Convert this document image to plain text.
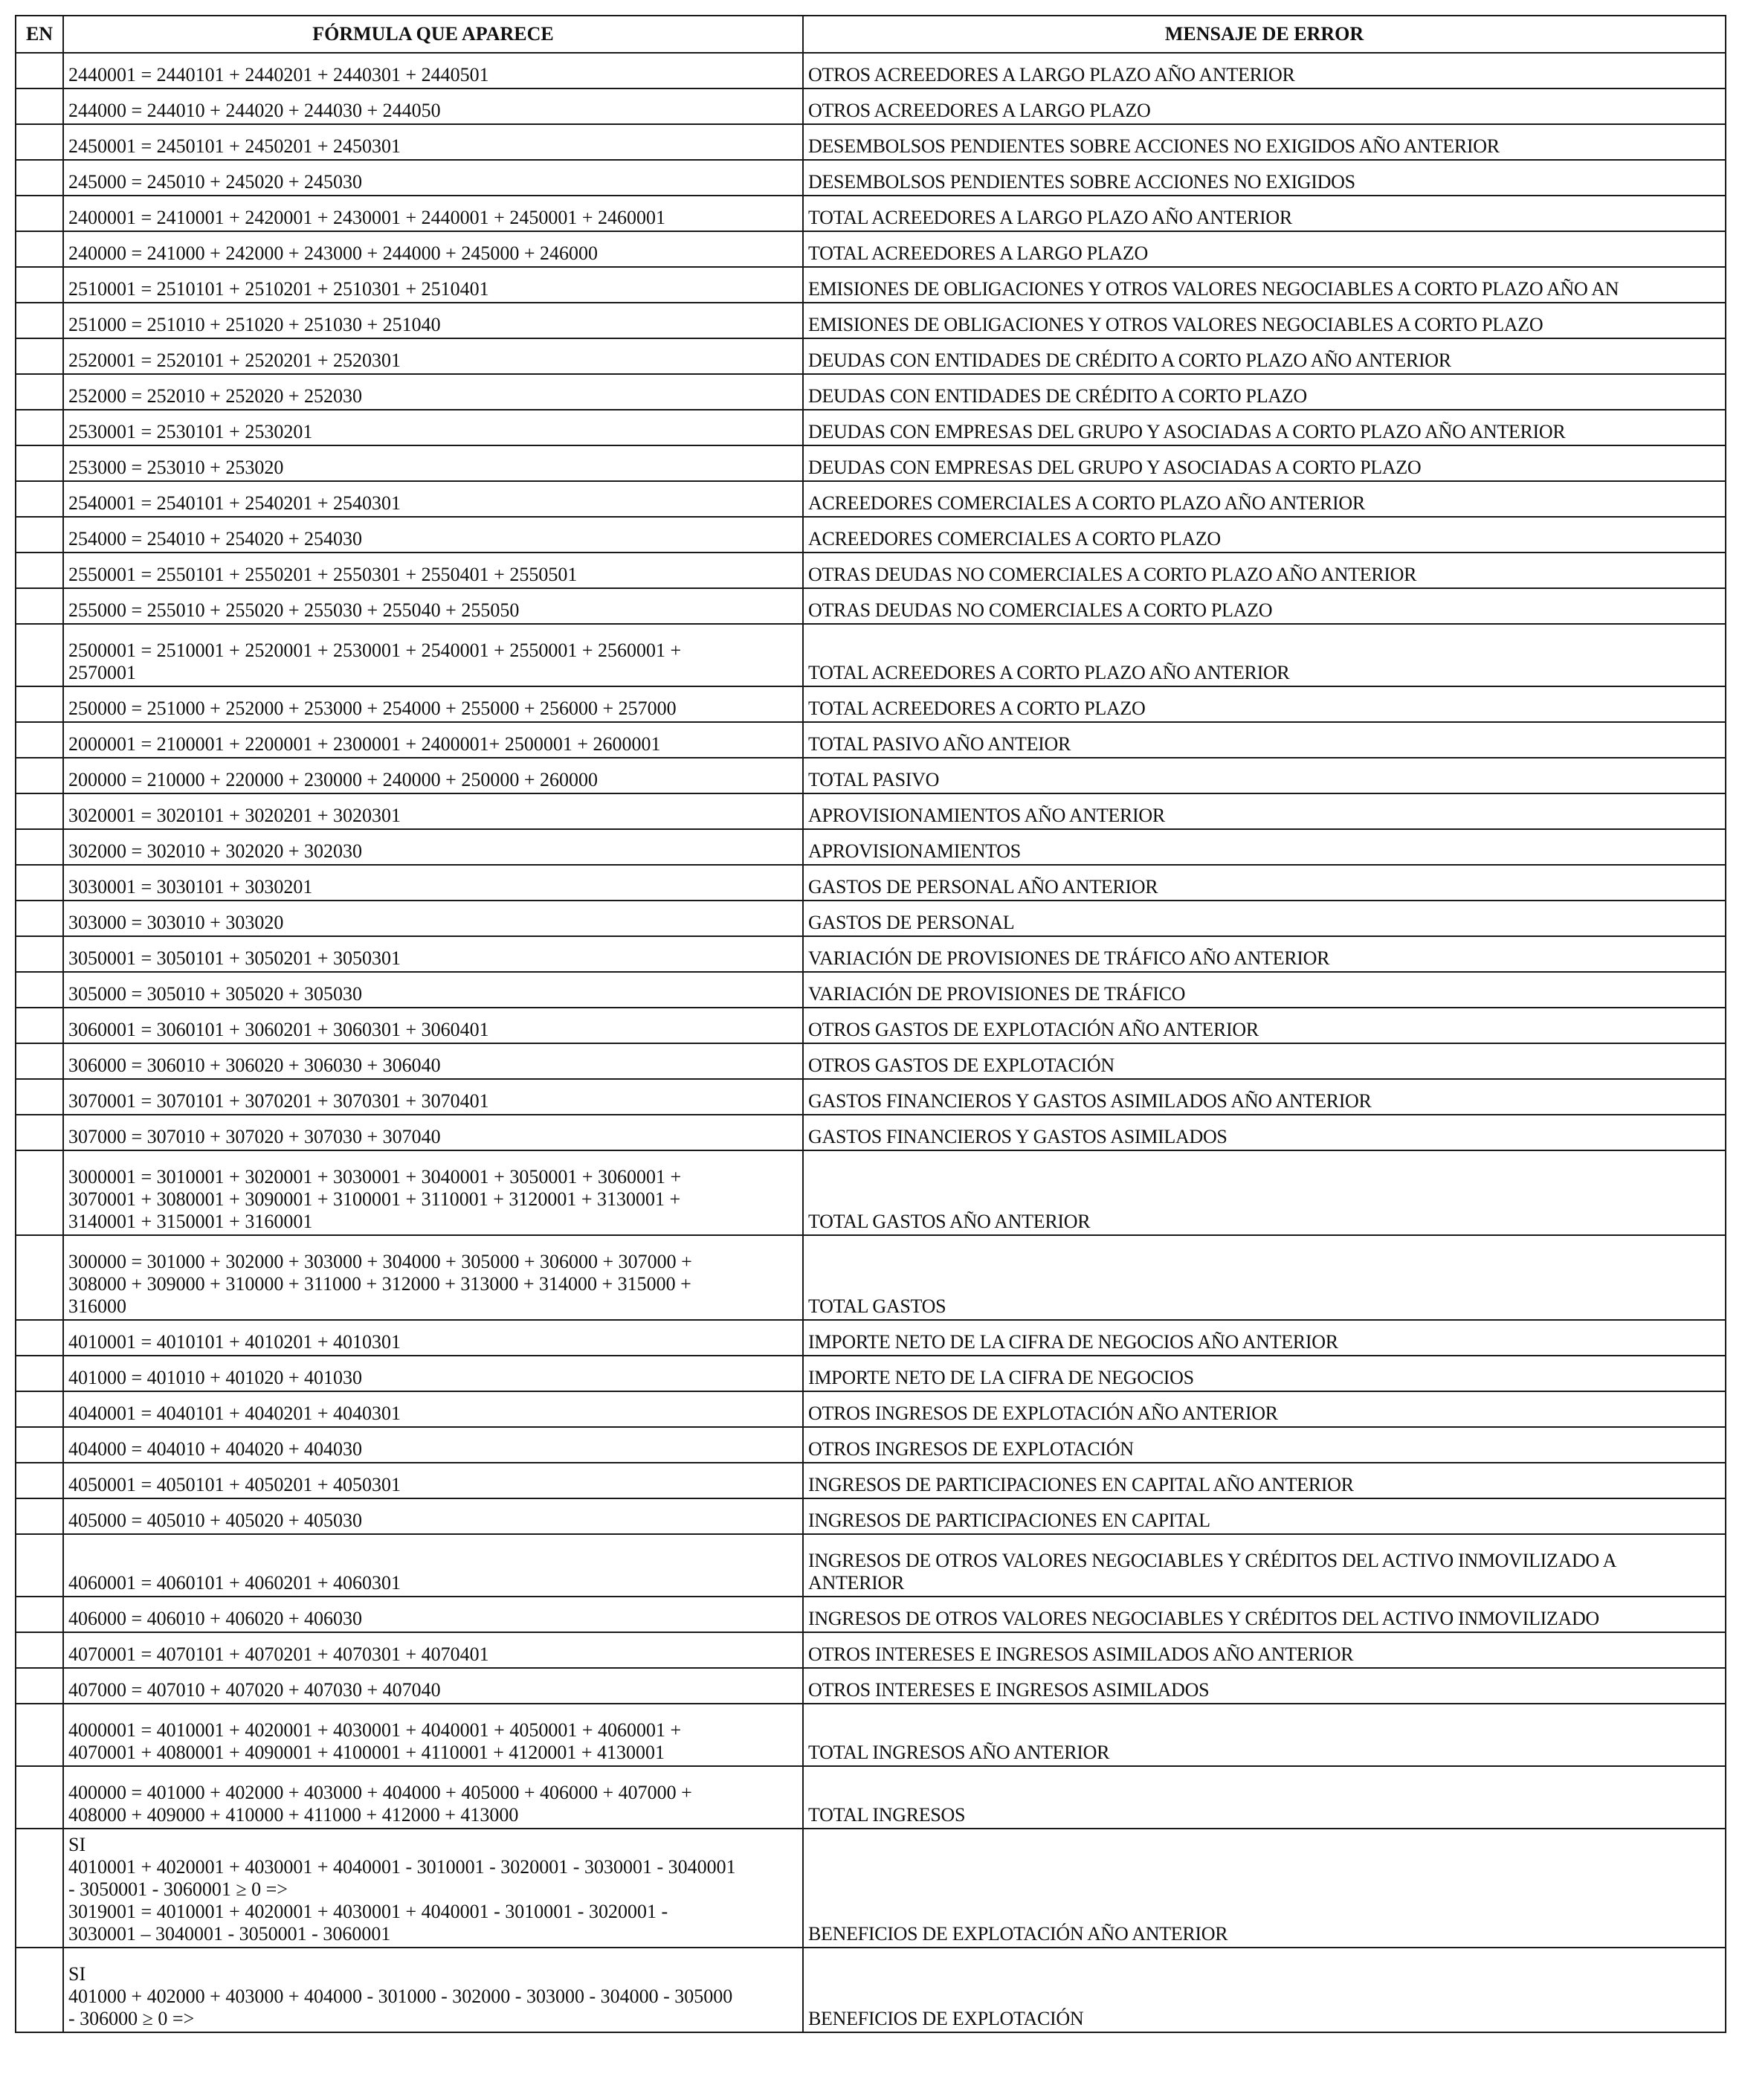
EN	FÓRMULA QUE APARECE	MENSAJE DE ERROR
	2440001 = 2440101 + 2440201 + 2440301 + 2440501	OTROS ACREEDORES A LARGO PLAZO AÑO ANTERIOR
	244000 = 244010 + 244020 + 244030 + 244050	OTROS ACREEDORES A LARGO PLAZO
	2450001 = 2450101 + 2450201 + 2450301	DESEMBOLSOS PENDIENTES SOBRE ACCIONES NO EXIGIDOS AÑO ANTERIOR
	245000 = 245010 + 245020 + 245030	DESEMBOLSOS PENDIENTES SOBRE ACCIONES NO EXIGIDOS
	2400001 = 2410001 + 2420001 + 2430001 + 2440001 + 2450001 + 2460001	TOTAL ACREEDORES A LARGO PLAZO AÑO ANTERIOR
	240000 = 241000 + 242000 + 243000 + 244000 + 245000 + 246000	TOTAL ACREEDORES A LARGO PLAZO
	2510001 = 2510101 + 2510201 + 2510301 + 2510401	EMISIONES DE OBLIGACIONES Y OTROS VALORES NEGOCIABLES A CORTO PLAZO AÑO AN
	251000 = 251010 + 251020 + 251030 + 251040	EMISIONES DE OBLIGACIONES Y OTROS VALORES NEGOCIABLES A CORTO PLAZO
	2520001 = 2520101 + 2520201 + 2520301	DEUDAS CON ENTIDADES DE CRÉDITO A CORTO PLAZO AÑO ANTERIOR
	252000 = 252010 + 252020 + 252030	DEUDAS CON ENTIDADES DE CRÉDITO A CORTO PLAZO
	2530001 = 2530101 + 2530201	DEUDAS CON EMPRESAS DEL GRUPO Y ASOCIADAS A CORTO PLAZO AÑO ANTERIOR
	253000 = 253010 + 253020	DEUDAS CON EMPRESAS DEL GRUPO Y ASOCIADAS A CORTO PLAZO
	2540001 = 2540101 + 2540201 + 2540301	ACREEDORES COMERCIALES A CORTO PLAZO AÑO ANTERIOR
	254000 = 254010 + 254020 + 254030	ACREEDORES COMERCIALES A CORTO PLAZO
	2550001 = 2550101 + 2550201 + 2550301 + 2550401 + 2550501	OTRAS DEUDAS NO COMERCIALES A CORTO PLAZO AÑO ANTERIOR
	255000 = 255010 + 255020 + 255030 + 255040 + 255050	OTRAS DEUDAS NO COMERCIALES A CORTO PLAZO
	2500001 = 2510001 + 2520001 + 2530001 + 2540001 + 2550001 + 2560001 +
2570001	TOTAL ACREEDORES A CORTO PLAZO AÑO ANTERIOR
	250000 = 251000 + 252000 + 253000 + 254000 + 255000 + 256000 + 257000	TOTAL ACREEDORES A CORTO PLAZO
	2000001 = 2100001 + 2200001 + 2300001 + 2400001+ 2500001 + 2600001	TOTAL PASIVO AÑO ANTEIOR
	200000 = 210000 + 220000 + 230000 + 240000 + 250000 + 260000	TOTAL PASIVO
	3020001 = 3020101 + 3020201 + 3020301	APROVISIONAMIENTOS AÑO ANTERIOR
	302000 = 302010 + 302020 + 302030	APROVISIONAMIENTOS
	3030001 = 3030101 + 3030201	GASTOS DE PERSONAL AÑO ANTERIOR
	303000 = 303010 + 303020	GASTOS DE PERSONAL
	3050001 = 3050101 + 3050201 + 3050301	VARIACIÓN DE PROVISIONES DE TRÁFICO AÑO ANTERIOR
	305000 = 305010 + 305020 + 305030	VARIACIÓN DE PROVISIONES DE TRÁFICO
	3060001 = 3060101 + 3060201 + 3060301 + 3060401	OTROS GASTOS DE EXPLOTACIÓN AÑO ANTERIOR
	306000 = 306010 + 306020 + 306030 + 306040	OTROS GASTOS DE EXPLOTACIÓN
	3070001 = 3070101 + 3070201 + 3070301 + 3070401	GASTOS FINANCIEROS Y GASTOS ASIMILADOS AÑO ANTERIOR
	307000 = 307010 + 307020 + 307030 + 307040	GASTOS FINANCIEROS Y GASTOS ASIMILADOS
	3000001 = 3010001 + 3020001 + 3030001 + 3040001 + 3050001 + 3060001 +
3070001 + 3080001 + 3090001 + 3100001 + 3110001 + 3120001 + 3130001 +
3140001 + 3150001 + 3160001	TOTAL GASTOS AÑO ANTERIOR
	300000 = 301000 + 302000 + 303000 + 304000 + 305000 + 306000 + 307000 +
308000 + 309000 + 310000 + 311000 + 312000 + 313000 + 314000 + 315000 +
316000	TOTAL GASTOS
	4010001 = 4010101 + 4010201 + 4010301	IMPORTE NETO DE LA CIFRA DE NEGOCIOS AÑO ANTERIOR
	401000 = 401010 + 401020 + 401030	IMPORTE NETO DE LA CIFRA DE NEGOCIOS
	4040001 = 4040101 + 4040201 + 4040301	OTROS INGRESOS DE EXPLOTACIÓN AÑO ANTERIOR
	404000 = 404010 + 404020 + 404030	OTROS INGRESOS DE EXPLOTACIÓN
	4050001 = 4050101 + 4050201 + 4050301	INGRESOS DE PARTICIPACIONES EN CAPITAL AÑO ANTERIOR
	405000 = 405010 + 405020 + 405030	INGRESOS DE PARTICIPACIONES EN CAPITAL
	4060001 = 4060101 + 4060201 + 4060301	INGRESOS DE OTROS VALORES NEGOCIABLES Y CRÉDITOS DEL ACTIVO INMOVILIZADO A
ANTERIOR
	406000 = 406010 + 406020 + 406030	INGRESOS DE OTROS VALORES NEGOCIABLES Y CRÉDITOS DEL ACTIVO INMOVILIZADO
	4070001 = 4070101 + 4070201 + 4070301 + 4070401	OTROS INTERESES E INGRESOS ASIMILADOS AÑO ANTERIOR
	407000 = 407010 + 407020 + 407030 + 407040	OTROS INTERESES E INGRESOS ASIMILADOS
	4000001 = 4010001 + 4020001 + 4030001 + 4040001 + 4050001 + 4060001 +
4070001 + 4080001 + 4090001 + 4100001 + 4110001 + 4120001 + 4130001	TOTAL INGRESOS AÑO ANTERIOR
	400000 = 401000 + 402000 + 403000 + 404000 + 405000 + 406000 + 407000 +
408000 + 409000 + 410000 + 411000 + 412000 + 413000	TOTAL INGRESOS
	SI
4010001 + 4020001 + 4030001 + 4040001 - 3010001 - 3020001 - 3030001 - 3040001
- 3050001 - 3060001 ≥ 0 =>
3019001 = 4010001 + 4020001 + 4030001 + 4040001 - 3010001 - 3020001 -
3030001 – 3040001 - 3050001 - 3060001	BENEFICIOS DE EXPLOTACIÓN AÑO ANTERIOR
	SI
401000 + 402000 + 403000 + 404000 - 301000 - 302000 - 303000 - 304000 - 305000
- 306000 ≥ 0 =>	BENEFICIOS DE EXPLOTACIÓN
